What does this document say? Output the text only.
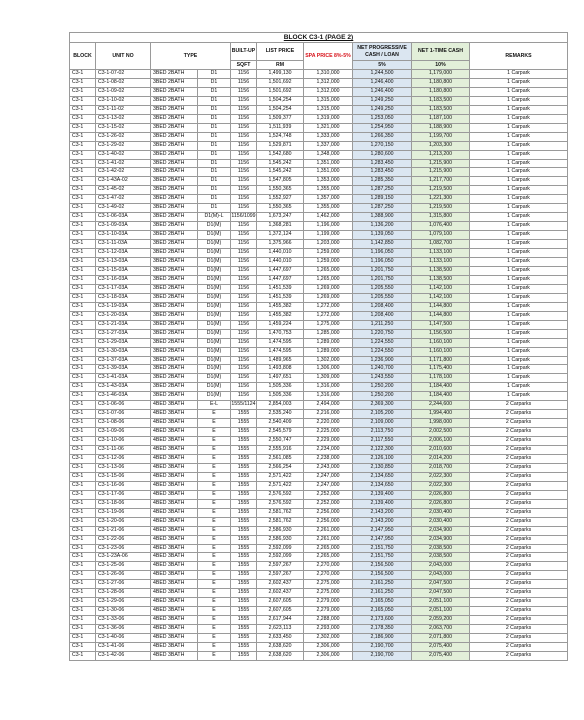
BLOCK C3-1 (PAGE 2)									
BLOCK	UNIT NO	TYPE		BUILT-UP	LIST PRICE	SPA PRICE 8%-5%	NET PROGRESSIVE CASH / LOAN	NET 1-TIME CASH	REMARKS
				SQFT	RM		5%	10%	
C3-1	C3-1-07-02	3BED 2BATH	D1	1156	1,499,130	1,310,000	1,244,500	1,179,000	1 Carpark
C3-1	C3-1-08-02	3BED 2BATH	D1	1156	1,501,692	1,312,000	1,246,400	1,180,800	1 Carpark
C3-1	C3-1-09-02	3BED 2BATH	D1	1156	1,501,692	1,312,000	1,246,400	1,180,800	1 Carpark
C3-1	C3-1-10-02	3BED 2BATH	D1	1156	1,504,254	1,315,000	1,249,250	1,183,500	1 Carpark
C3-1	C3-1-11-02	3BED 2BATH	D1	1156	1,504,254	1,315,000	1,249,250	1,183,500	1 Carpark
C3-1	C3-1-13-02	3BED 2BATH	D1	1156	1,509,377	1,319,000	1,253,050	1,187,100	1 Carpark
C3-1	C3-1-15-02	3BED 2BATH	D1	1156	1,511,939	1,321,000	1,254,950	1,188,900	1 Carpark
C3-1	C3-1-26-02	3BED 2BATH	D1	1156	1,524,748	1,333,000	1,266,350	1,199,700	1 Carpark
C3-1	C3-1-29-02	3BED 2BATH	D1	1156	1,529,871	1,337,000	1,270,150	1,203,300	1 Carpark
C3-1	C3-1-40-02	3BED 2BATH	D1	1156	1,542,680	1,348,000	1,280,600	1,213,200	1 Carpark
C3-1	C3-1-41-02	3BED 2BATH	D1	1156	1,545,242	1,351,000	1,283,450	1,215,900	1 Carpark
C3-1	C3-1-42-02	3BED 2BATH	D1	1156	1,545,242	1,351,000	1,283,450	1,215,900	1 Carpark
C3-1	C3-1-43A-02	3BED 2BATH	D1	1156	1,547,805	1,353,000	1,285,350	1,217,700	1 Carpark
C3-1	C3-1-45-02	3BED 2BATH	D1	1156	1,550,365	1,355,000	1,287,250	1,219,500	1 Carpark
C3-1	C3-1-47-02	3BED 2BATH	D1	1156	1,552,927	1,357,000	1,289,150	1,221,300	1 Carpark
C3-1	C3-1-49-02	3BED 2BATH	D1	1156	1,550,365	1,355,000	1,287,250	1,219,500	1 Carpark
C3-1	C3-1-06-03A	3BED 2BATH	D1(M)-L	1156/1099	1,673,247	1,462,000	1,388,900	1,315,800	1 Carpark
C3-1	C3-1-09-03A	3BED 2BATH	D1(M)	1156	1,368,281	1,196,000	1,136,200	1,076,400	1 Carpark
C3-1	C3-1-10-03A	3BED 2BATH	D1(M)	1156	1,372,124	1,199,000	1,139,050	1,079,100	1 Carpark
C3-1	C3-1-11-03A	3BED 2BATH	D1(M)	1156	1,375,966	1,203,000	1,142,850	1,082,700	1 Carpark
C3-1	C3-1-12-03A	3BED 2BATH	D1(M)	1156	1,440,010	1,259,000	1,196,050	1,133,100	1 Carpark
C3-1	C3-1-13-03A	3BED 2BATH	D1(M)	1156	1,440,010	1,259,000	1,196,050	1,133,100	1 Carpark
C3-1	C3-1-15-03A	3BED 2BATH	D1(M)	1156	1,447,697	1,265,000	1,201,750	1,138,500	1 Carpark
C3-1	C3-1-16-03A	3BED 2BATH	D1(M)	1156	1,447,697	1,265,000	1,201,750	1,138,500	1 Carpark
C3-1	C3-1-17-03A	3BED 2BATH	D1(M)	1156	1,451,539	1,269,000	1,205,550	1,142,100	1 Carpark
C3-1	C3-1-18-03A	3BED 2BATH	D1(M)	1156	1,451,539	1,269,000	1,205,550	1,142,100	1 Carpark
C3-1	C3-1-19-03A	3BED 2BATH	D1(M)	1156	1,455,382	1,272,000	1,208,400	1,144,800	1 Carpark
C3-1	C3-1-20-03A	3BED 2BATH	D1(M)	1156	1,455,382	1,272,000	1,208,400	1,144,800	1 Carpark
C3-1	C3-1-21-03A	3BED 2BATH	D1(M)	1156	1,459,224	1,275,000	1,211,250	1,147,500	1 Carpark
C3-1	C3-1-27-03A	3BED 2BATH	D1(M)	1156	1,470,753	1,285,000	1,220,750	1,156,500	1 Carpark
C3-1	C3-1-29-03A	3BED 2BATH	D1(M)	1156	1,474,595	1,289,000	1,224,550	1,160,100	1 Carpark
C3-1	C3-1-30-03A	3BED 2BATH	D1(M)	1156	1,474,595	1,289,000	1,224,550	1,160,100	1 Carpark
C3-1	C3-1-37-03A	3BED 2BATH	D1(M)	1156	1,489,965	1,302,000	1,236,900	1,171,800	1 Carpark
C3-1	C3-1-39-03A	3BED 2BATH	D1(M)	1156	1,493,808	1,306,000	1,240,700	1,175,400	1 Carpark
C3-1	C3-1-41-03A	3BED 2BATH	D1(M)	1156	1,497,651	1,309,000	1,243,550	1,178,100	1 Carpark
C3-1	C3-1-43-03A	3BED 2BATH	D1(M)	1156	1,505,336	1,316,000	1,250,200	1,184,400	1 Carpark
C3-1	C3-1-46-03A	3BED 2BATH	D1(M)	1156	1,505,336	1,316,000	1,250,200	1,184,400	1 Carpark
C3-1	C3-1-06-06	4BED 3BATH	E-L	1555/1124	2,854,003	2,494,000	2,369,300	2,244,600	2 Carparks
C3-1	C3-1-07-06	4BED 3BATH	E	1555	2,535,240	2,216,000	2,105,200	1,994,400	2 Carparks
C3-1	C3-1-08-06	4BED 3BATH	E	1555	2,540,409	2,220,000	2,109,000	1,998,000	2 Carparks
C3-1	C3-1-09-06	4BED 3BATH	E	1555	2,545,579	2,225,000	2,113,750	2,002,500	2 Carparks
C3-1	C3-1-10-06	4BED 3BATH	E	1555	2,550,747	2,229,000	2,117,550	2,006,100	2 Carparks
C3-1	C3-1-11-06	4BED 3BATH	E	1555	2,555,916	2,234,000	2,122,300	2,010,600	2 Carparks
C3-1	C3-1-12-06	4BED 3BATH	E	1555	2,561,085	2,238,000	2,126,100	2,014,200	2 Carparks
C3-1	C3-1-13-06	4BED 3BATH	E	1555	2,566,254	2,243,000	2,130,850	2,018,700	2 Carparks
C3-1	C3-1-15-06	4BED 3BATH	E	1555	2,571,422	2,247,000	2,134,650	2,022,300	2 Carparks
C3-1	C3-1-16-06	4BED 3BATH	E	1555	2,571,422	2,247,000	2,134,650	2,022,300	2 Carparks
C3-1	C3-1-17-06	4BED 3BATH	E	1555	2,576,592	2,252,000	2,139,400	2,026,800	2 Carparks
C3-1	C3-1-18-06	4BED 3BATH	E	1555	2,576,592	2,252,000	2,139,400	2,026,800	2 Carparks
C3-1	C3-1-19-06	4BED 3BATH	E	1555	2,581,762	2,256,000	2,143,200	2,030,400	2 Carparks
C3-1	C3-1-20-06	4BED 3BATH	E	1555	2,581,762	2,256,000	2,143,200	2,030,400	2 Carparks
C3-1	C3-1-21-06	4BED 3BATH	E	1555	2,586,930	2,261,000	2,147,950	2,034,900	2 Carparks
C3-1	C3-1-22-06	4BED 3BATH	E	1555	2,586,930	2,261,000	2,147,950	2,034,900	2 Carparks
C3-1	C3-1-23-06	4BED 3BATH	E	1555	2,592,099	2,265,000	2,151,750	2,038,500	2 Carparks
C3-1	C3-1-23A-06	4BED 3BATH	E	1555	2,592,099	2,265,000	2,151,750	2,038,500	2 Carparks
C3-1	C3-1-25-06	4BED 3BATH	E	1555	2,597,267	2,270,000	2,156,500	2,043,000	2 Carparks
C3-1	C3-1-26-06	4BED 3BATH	E	1555	2,597,267	2,270,000	2,156,500	2,043,000	2 Carparks
C3-1	C3-1-27-06	4BED 3BATH	E	1555	2,602,437	2,275,000	2,161,250	2,047,500	2 Carparks
C3-1	C3-1-28-06	4BED 3BATH	E	1555	2,602,437	2,275,000	2,161,250	2,047,500	2 Carparks
C3-1	C3-1-29-06	4BED 3BATH	E	1555	2,607,605	2,279,000	2,165,050	2,051,100	2 Carparks
C3-1	C3-1-30-06	4BED 3BATH	E	1555	2,607,605	2,279,000	2,165,050	2,051,100	2 Carparks
C3-1	C3-1-33-06	4BED 3BATH	E	1555	2,617,944	2,288,000	2,173,600	2,059,200	2 Carparks
C3-1	C3-1-36-06	4BED 3BATH	E	1555	2,623,113	2,293,000	2,178,350	2,063,700	2 Carparks
C3-1	C3-1-40-06	4BED 3BATH	E	1555	2,633,450	2,302,000	2,186,900	2,071,800	2 Carparks
C3-1	C3-1-41-06	4BED 3BATH	E	1555	2,638,620	2,306,000	2,190,700	2,075,400	2 Carparks
C3-1	C3-1-42-06	4BED 3BATH	E	1555	2,638,620	2,306,000	2,190,700	2,075,400	2 Carparks
